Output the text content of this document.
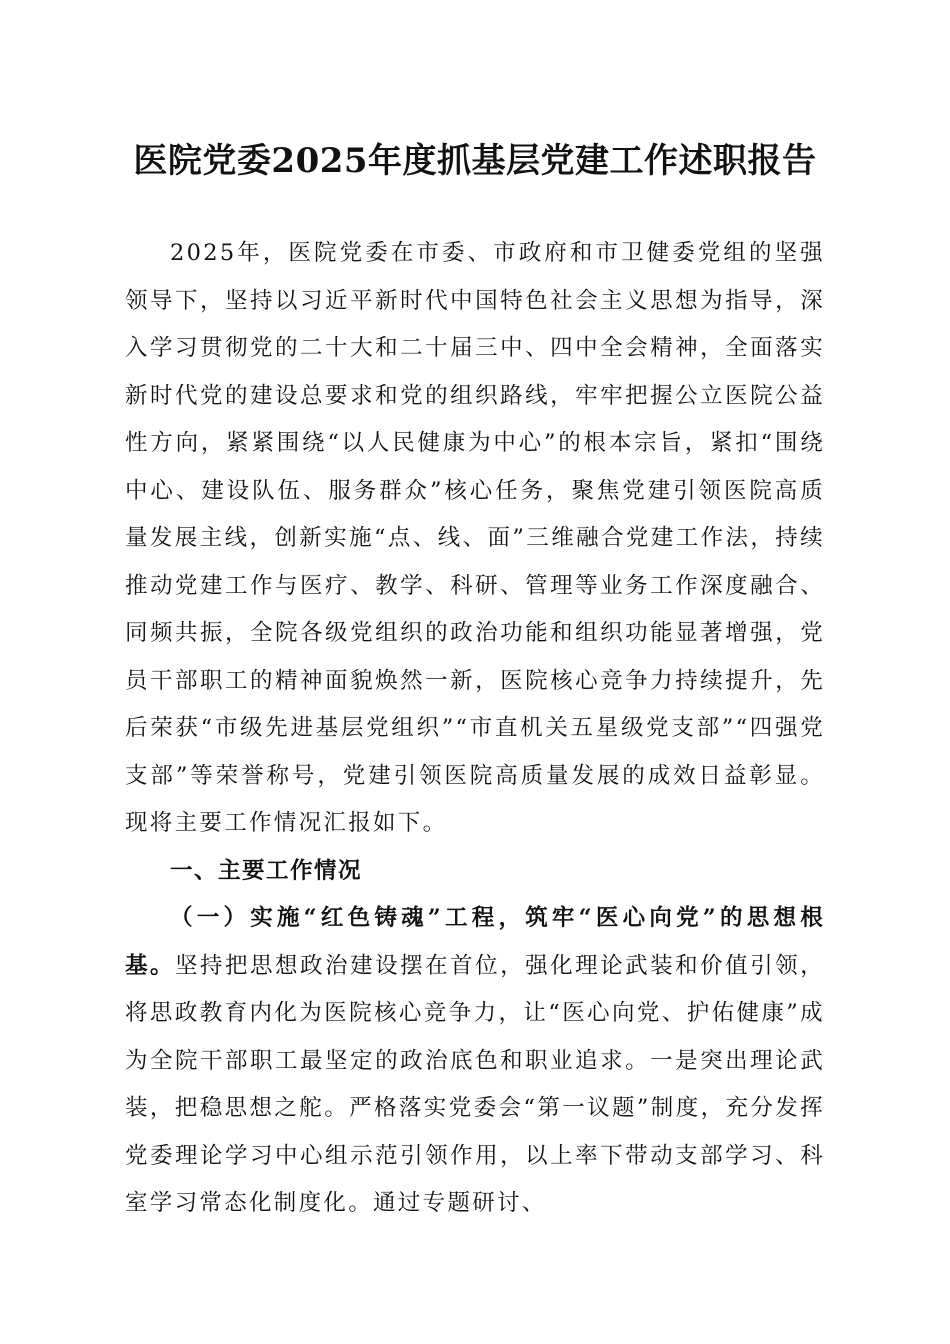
医院党委2025年度抓基层党建工作述职报告

2025年，医院党委在市委、市政府和市卫健委党组的坚强领导下，坚持以习近平新时代中国特色社会主义思想为指导，深入学习贯彻党的二十大和二十届三中、四中全会精神，全面落实新时代党的建设总要求和党的组织路线，牢牢把握公立医院公益性方向，紧紧围绕“以人民健康为中心”的根本宗旨，紧扣“围绕中心、建设队伍、服务群众”核心任务，聚焦党建引领医院高质量发展主线，创新实施“点、线、面”三维融合党建工作法，持续推动党建工作与医疗、教学、科研、管理等业务工作深度融合、同频共振，全院各级党组织的政治功能和组织功能显著增强，党员干部职工的精神面貌焕然一新，医院核心竞争力持续提升，先后荣获“市级先进基层党组织”“市直机关五星级党支部”“四强党支部”等荣誉称号，党建引领医院高质量发展的成效日益彰显。现将主要工作情况汇报如下。

一、主要工作情况

（一）实施“红色铸魂”工程，筑牢“医心向党”的思想根基。坚持把思想政治建设摆在首位，强化理论武装和价值引领，将思政教育内化为医院核心竞争力，让“医心向党、护佑健康”成为全院干部职工最坚定的政治底色和职业追求。一是突出理论武装，把稳思想之舵。严格落实党委会“第一议题”制度，充分发挥党委理论学习中心组示范引领作用，以上率下带动支部学习、科室学习常态化制度化。通过专题研讨、
